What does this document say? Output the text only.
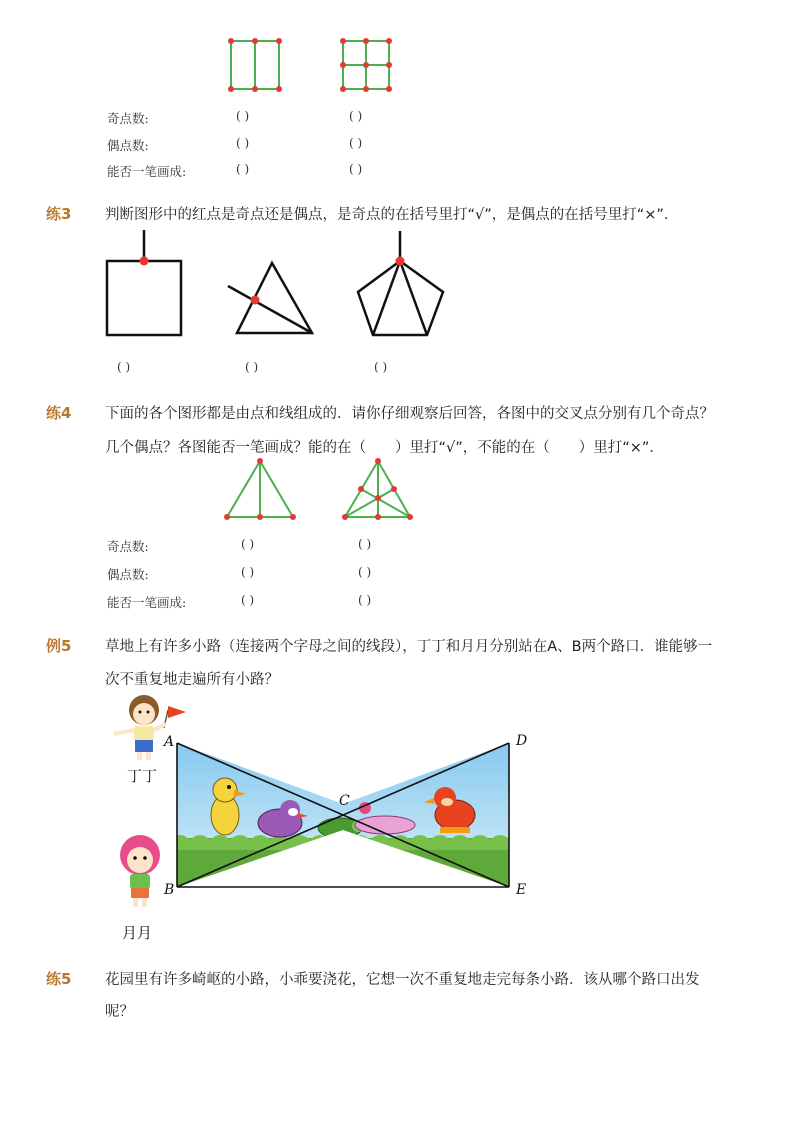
奇点数:	( )	( )
偶点数:	( )	( )
能否一笔画成:	( )	( )
练3 判断图形中的红点是奇点还是偶点，是奇点的在括号里打“√”，是偶点的在括号里打“×”．
( )	( )	( )
练4 下面的各个图形都是由点和线组成的．请你仔细观察后回答，各图中的交叉点分别有几个奇点？
几个偶点？各图能否一笔画成？能的在（　　）里打“√”，不能的在（　　）里打“×”．
奇点数:	( )	( )
偶点数:	( )	( )
能否一笔画成:	( )	( )
例5 草地上有许多小路（连接两个字母之间的线段），丁丁和月月分别站在A、B两个路口．谁能够一
次不重复地走遍所有小路？
A
B
C
D
E
丁丁
月月
练5 花园里有许多崎岖的小路，小乖要浇花，它想一次不重复地走完每条小路．该从哪个路口出发
呢？
